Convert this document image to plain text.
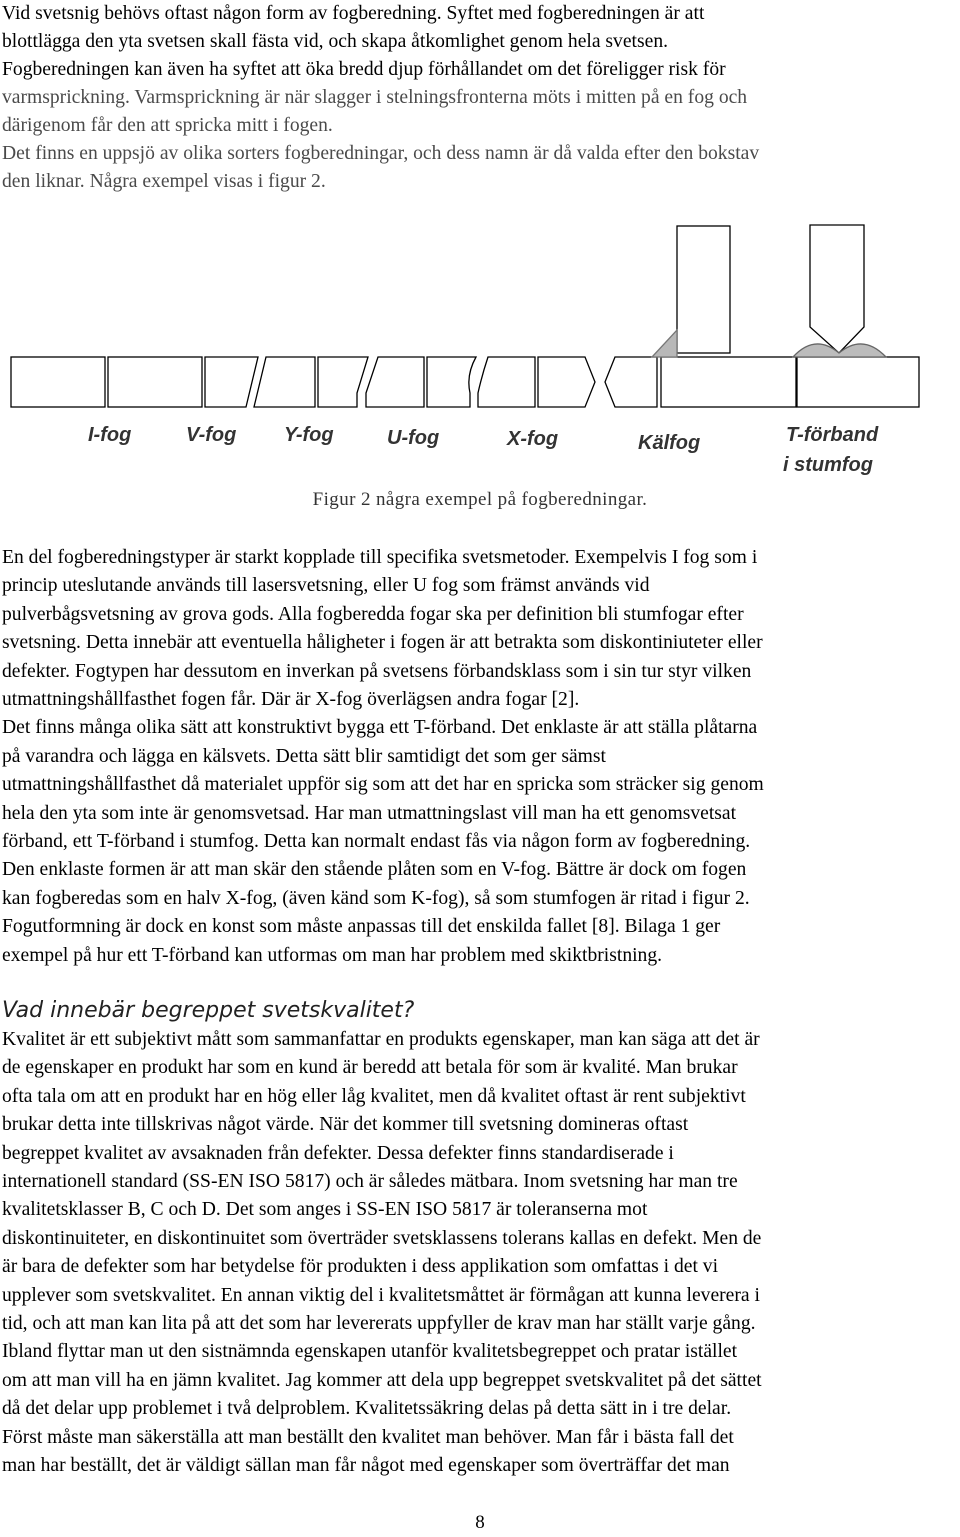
Vid svetsnig behövs oftast någon form av fogberedning. Syftet med fogberedningen är att

blottlägga den yta svetsen skall fästa vid, och skapa åtkomlighet genom hela svetsen.

Fogberedningen kan även ha syftet att öka bredd djup förhållandet om det föreligger risk för

varmsprickning. Varmsprickning är när slagger i stelningsfronterna möts i mitten på en fog och

därigenom får den att spricka mitt i fogen.

Det finns en uppsjö av olika sorters fogberedningar, och dess namn är då valda efter den bokstav

den liknar. Några exempel visas i figur 2.

I-fog	V-fog Y-fog	U-fog	X-fog	Kälfog	T-förband
i stumfog
Figur 2 några exempel på fogberedningar.

En del fogberedningstyper är starkt kopplade till specifika svetsmetoder. Exempelvis I fog som i

princip uteslutande används till lasersvetsning, eller U fog som främst används vid

pulverbågsvetsning av grova gods. Alla fogberedda fogar ska per definition bli stumfogar efter

svetsning. Detta innebär att eventuella håligheter i fogen är att betrakta som diskontiniuteter eller

defekter. Fogtypen har dessutom en inverkan på svetsens förbandsklass som i sin tur styr vilken

utmattningshållfasthet fogen får. Där är X-fog överlägsen andra fogar [2].

Det finns många olika sätt att konstruktivt bygga ett T-förband. Det enklaste är att ställa plåtarna

på varandra och lägga en kälsvets. Detta sätt blir samtidigt det som ger sämst

utmattningshållfasthet då materialet uppför sig som att det har en spricka som sträcker sig genom

hela den yta som inte är genomsvetsad. Har man utmattningslast vill man ha ett genomsvetsat

förband, ett T-förband i stumfog. Detta kan normalt endast fås via någon form av fogberedning.

Den enklaste formen är att man skär den stående plåten som en V-fog. Bättre är dock om fogen

kan fogberedas som en halv X-fog, (även känd som K-fog), så som stumfogen är ritad i figur 2.

Fogutformning är dock en konst som måste anpassas till det enskilda fallet [8]. Bilaga 1 ger

exempel på hur ett T-förband kan utformas om man har problem med skiktbristning.

Vad innebär begreppet svetskvalitet?

Kvalitet är ett subjektivt mått som sammanfattar en produkts egenskaper, man kan säga att det är

de egenskaper en produkt har som en kund är beredd att betala för som är kvalité. Man brukar

ofta tala om att en produkt har en hög eller låg kvalitet, men då kvalitet oftast är rent subjektivt

brukar detta inte tillskrivas något värde. När det kommer till svetsning domineras oftast

begreppet kvalitet av avsaknaden från defekter. Dessa defekter finns standardiserade i

internationell standard (SS-EN ISO 5817) och är således mätbara. Inom svetsning har man tre

kvalitetsklasser B, C och D. Det som anges i SS-EN ISO 5817 är toleranserna mot

diskontinuiteter, en diskontinuitet som överträder svetsklassens tolerans kallas en defekt. Men de

är bara de defekter som har betydelse för produkten i dess applikation som omfattas i det vi

upplever som svetskvalitet. En annan viktig del i kvalitetsmåttet är förmågan att kunna leverera i

tid, och att man kan lita på att det som har levererats uppfyller de krav man har ställt varje gång.

Ibland flyttar man ut den sistnämnda egenskapen utanför kvalitetsbegreppet och pratar istället

om att man vill ha en jämn kvalitet. Jag kommer att dela upp begreppet svetskvalitet på det sättet

då det delar upp problemet i två delproblem. Kvalitetssäkring delas på detta sätt in i tre delar.

Först måste man säkerställa att man beställt den kvalitet man behöver. Man får i bästa fall det

man har beställt, det är väldigt sällan man får något med egenskaper som överträffar det man

8
